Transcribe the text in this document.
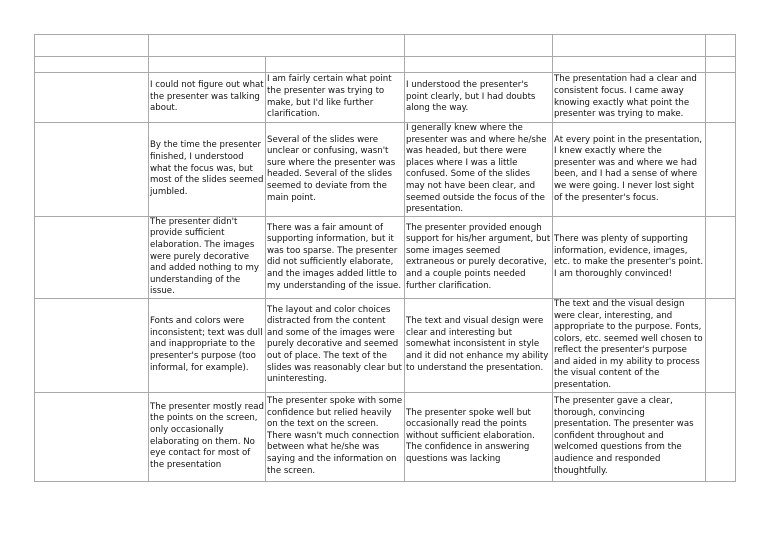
	I could not figure out what the presenter was talking about.	I am fairly certain what point the presenter was trying to make, but I'd like further clarification.	I understood the presenter's point clearly, but I had doubts along the way.	The presentation had a clear and consistent focus. I came away knowing exactly what point the presenter was trying to make.	
	By the time the presenter finished, I understood what the focus was, but most of the slides seemed jumbled.	Several of the slides were unclear or confusing, wasn't sure where the presenter was headed. Several of the slides seemed to deviate from the main point.	I generally knew where the presenter was and where he/she was headed, but there were places where I was a little confused. Some of the slides may not have been clear, and seemed outside the focus of the presentation.	At every point in the presentation, I knew exactly where the presenter was and where we had been, and I had a sense of where we were going. I never lost sight of the presenter's focus.	
	The presenter didn't provide sufficient elaboration. The images were purely decorative and added nothing to my understanding of the issue.	There was a fair amount of supporting information, but it was too sparse. The presenter did not sufficiently elaborate, and the images added little to my understanding of the issue.	The presenter provided enough support for his/her argument, but some images seemed extraneous or purely decorative, and a couple points needed further clarification.	There was plenty of supporting information, evidence, images, etc. to make the presenter's point. I am thoroughly convinced!	
	Fonts and colors were inconsistent; text was dull and inappropriate to the presenter's purpose (too informal, for example).	The layout and color choices distracted from the content and some of the images were purely decorative and seemed out of place. The text of the slides was reasonably clear but uninteresting.	The text and visual design were clear and interesting but somewhat inconsistent in style and it did not enhance my ability to understand the presentation.	The text and the visual design were clear, interesting, and appropriate to the purpose. Fonts, colors, etc. seemed well chosen to reflect the presenter's purpose and aided in my ability to process the visual content of the presentation.	
	The presenter mostly read the points on the screen, only occasionally elaborating on them. No eye contact for most of the presentation	The presenter spoke with some confidence but relied heavily on the text on the screen. There wasn't much connection between what he/she was saying and the information on the screen.	The presenter spoke well but occasionally read the points without sufficient elaboration. The confidence in answering questions was lacking	The presenter gave a clear, thorough, convincing presentation. The presenter was confident throughout and welcomed questions from the audience and responded thoughtfully.	
